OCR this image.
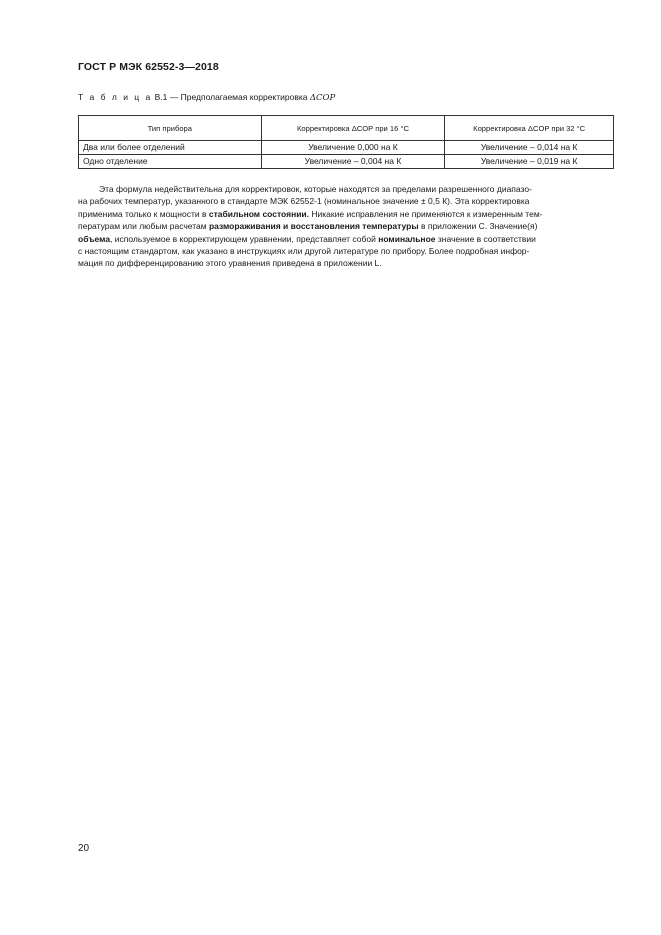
ГОСТ Р МЭК 62552-3—2018
Т а б л и ц а В.1 — Предполагаемая корректировка ΔCOP
Тип прибора	Корректировка ΔCOP при 16 °С	Корректировка ΔCOP при 32 °С
Два или более отделений	Увеличение 0,000 на К	Увеличение – 0,014 на К
Одно отделение	Увеличение – 0,004 на К	Увеличение – 0,019 на К
Эта формула недействительна для корректировок, которые находятся за пределами разрешенного диапазо-
на рабочих температур, указанного в стандарте МЭК 62552-1 (номинальное значение ± 0,5 К). Эта корректировка
применима только к мощности в стабильном состоянии. Никакие исправления не применяются к измеренным тем-
пературам или любым расчетам размораживания и восстановления температуры в приложении С. Значение(я)
объема, используемое в корректирующем уравнении, представляет собой номинальное значение в соответствии
с настоящим стандартом, как указано в инструкциях или другой литературе по прибору. Более подробная инфор-
мация по дифференцированию этого уравнения приведена в приложении L.
20
